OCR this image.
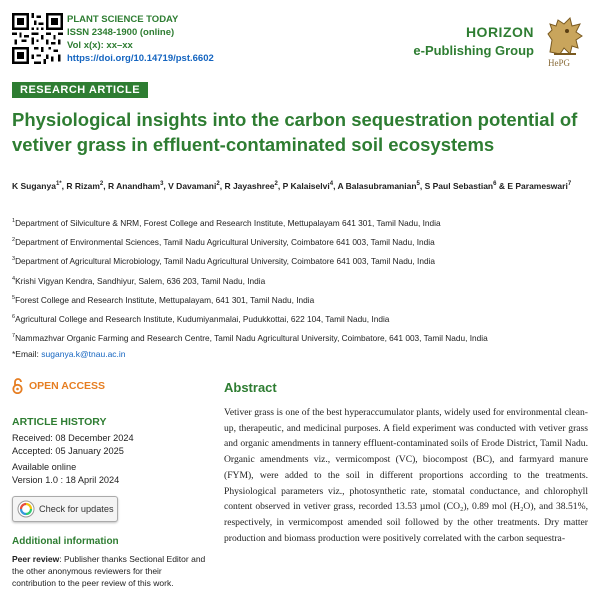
PLANT SCIENCE TODAY
ISSN 2348-1900 (online)
Vol x(x): xx–xx
https://doi.org/10.14719/pst.6602
HORIZON
e-Publishing Group
HePG
RESEARCH ARTICLE
Physiological insights into the carbon sequestration potential of vetiver grass in effluent-contaminated soil ecosystems
K Suganya$^{1*}$, R Rizam$^2$, R Anandham$^3$, V Davamani$^2$, R Jayashree$^2$, P Kalaiselvi$^4$, A Balasubramanian$^5$, S Paul Sebastian$^6$ & E Parameswari$^7$
$^1$Department of Silviculture & NRM, Forest College and Research Institute, Mettupalayam 641 301, Tamil Nadu, India
$^2$Department of Environmental Sciences, Tamil Nadu Agricultural University, Coimbatore 641 003, Tamil Nadu, India
$^3$Department of Agricultural Microbiology, Tamil Nadu Agricultural University, Coimbatore 641 003, Tamil Nadu, India
$^4$Krishi Vigyan Kendra, Sandhiyur, Salem, 636 203, Tamil Nadu, India
$^5$Forest College and Research Institute, Mettupalayam, 641 301, Tamil Nadu, India
$^6$Agricultural College and Research Institute, Kudumiyanmalai, Pudukkottai, 622 104, Tamil Nadu, India
$^7$Nammazhvar Organic Farming and Research Centre, Tamil Nadu Agricultural University, Coimbatore, 641 003, Tamil Nadu, India
*Email: suganya.k@tnau.ac.in
OPEN ACCESS
ARTICLE HISTORY
Received: 08 December 2024
Accepted: 05 January 2025
Available online
Version 1.0 : 18 April 2024
Check for updates
Additional information
Peer review: Publisher thanks Sectional Editor and the other anonymous reviewers for their contribution to the peer review of this work.
Abstract
Vetiver grass is one of the best hyperaccumulator plants, widely used for environmental clean-up, therapeutic, and medicinal purposes. A field experiment was conducted with vetiver grass and organic amendments in tannery effluent-contaminated soils of Erode District, Tamil Nadu. Organic amendments viz., vermicompost (VC), biocompost (BC), and farmyard manure (FYM), were added to the soil in different proportions according to the treatments. Physiological parameters viz., photosynthetic rate, stomatal conductance, and chlorophyll content observed in vetiver grass, recorded 13.53 µmol (CO₂), 0.89 mol (H₂O), and 38.51%, respectively, in vermicompost amended soil followed by the other treatments. Dry matter production and biomass production were positively correlated with the carbon sequestra-
